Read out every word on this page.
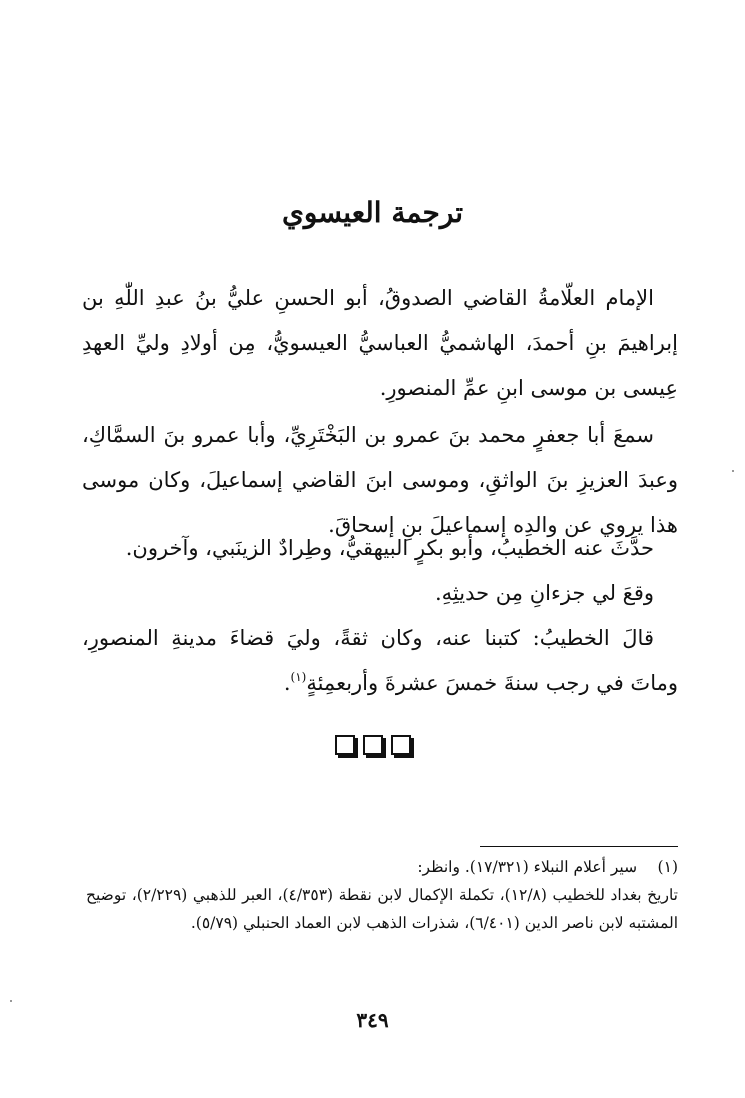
ترجمة العيسوي

الإمام العلّامةُ القاضي الصدوقُ، أبو الحسنِ عليُّ بنُ عبدِ اللّٰهِ بن إبراهيمَ بنِ أحمدَ، الهاشميُّ العباسيُّ العيسويُّ، مِن أولادِ وليِّ العهدِ عِيسى بن موسى ابنِ عمِّ المنصورِ.

سمعَ أبا جعفرٍ محمد بنَ عمرو بن البَخْتَرِيِّ، وأبا عمرو بنَ السمَّاكِ، وعبدَ العزيزِ بنَ الواثقِ، وموسى ابنَ القاضي إسماعيلَ، وكان موسى هذا يروي عن والدِه إسماعيلَ بنِ إسحاقَ.

حدَّثَ عنه الخطيبُ، وأبو بكرٍ البيهقيُّ، وطِرادٌ الزينَبي، وآخرون.

وقعَ لي جزءانِ مِن حديثِهِ.

قالَ الخطيبُ: كتبنا عنه، وكان ثقةً، وليَ قضاءَ مدينةِ المنصورِ، وماتَ في رجب سنةَ خمسَ عشرةَ وأربعمِئةٍ$^{(١)}$.

(١) سير أعلام النبلاء (١٧/٣٢١). وانظر:
تاريخ بغداد للخطيب (١٢/٨)، تكملة الإكمال لابن نقطة (٤/٣٥٣)، العبر للذهبي (٢/٢٢٩)، توضيح المشتبه لابن ناصر الدين (٦/٤٠١)، شذرات الذهب لابن العماد الحنبلي (٥/٧٩).
٣٤٩
